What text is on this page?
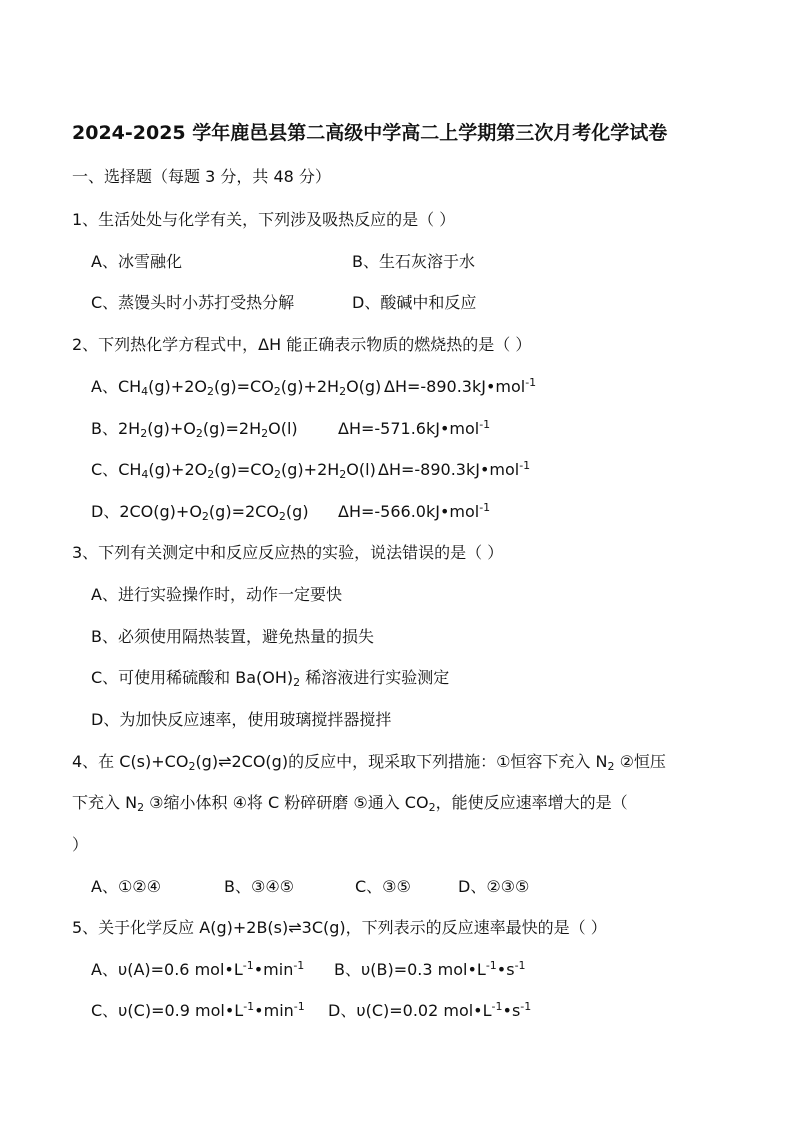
2024-2025 学年鹿邑县第二高级中学高二上学期第三次月考化学试卷
一、选择题（每题 3 分，共 48 分）
1、生活处处与化学有关，下列涉及吸热反应的是（ ）
A、冰雪融化	B、生石灰溶于水
C、蒸馒头时小苏打受热分解	D、酸碱中和反应
2、下列热化学方程式中，ΔH 能正确表示物质的燃烧热的是（ ）
A、$CH_4(g)+2O_2(g)=CO_2(g)+2H_2O(g)$ ΔH=-890.3kJ•mol$^{-1}$
B、$2H_2(g)+O_2(g)=2H_2O(l)$	ΔH=-571.6kJ•mol$^{-1}$
C、$CH_4(g)+2O_2(g)=CO_2(g)+2H_2O(l)$ ΔH=-890.3kJ•mol$^{-1}$
D、$2CO(g)+O_2(g)=2CO_2(g)$ ΔH=-566.0kJ•mol$^{-1}$
3、下列有关测定中和反应反应热的实验，说法错误的是（ ）
A、进行实验操作时，动作一定要快
B、必须使用隔热装置，避免热量的损失
C、可使用稀硫酸和 $Ba(OH)_2$ 稀溶液进行实验测定
D、为加快反应速率，使用玻璃搅拌器搅拌
4、在 $C(s)+CO_2(g)\rightleftharpoons 2CO(g)$的反应中，现采取下列措施：①恒容下充入 $N_2$ ②恒压
下充入 $N_2$ ③缩小体积 ④将 C 粉碎研磨 ⑤通入 $CO_2$，能使反应速率增大的是（
）
A、①②④	B、③④⑤	C、③⑤	D、②③⑤
5、关于化学反应 A(g)+2B(s)⇌3C(g)，下列表示的反应速率最快的是（ ）
A、υ(A)=0.6 $mol•L^{-1}•\min^{-1}$ B、υ(B)=0.3 $mol•L^{-1}•s^{-1}$
C、υ(C)=0.9 $mol•L^{-1}•\min^{-1}$ D、υ(C)=0.02 $mol•L^{-1}•s^{-1}$
